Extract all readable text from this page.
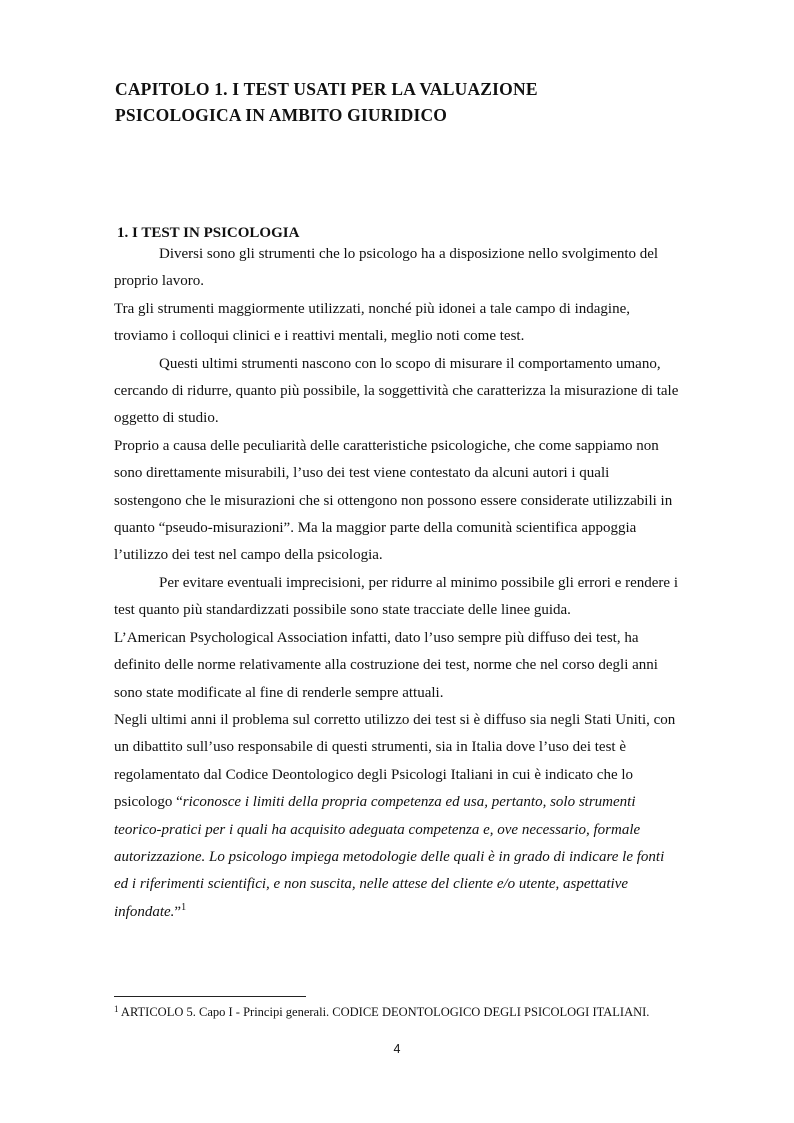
CAPITOLO 1. I TEST USATI PER LA VALUAZIONE
PSICOLOGICA IN AMBITO GIURIDICO
1. I TEST IN PSICOLOGIA

Diversi sono gli strumenti che lo psicologo ha a disposizione nello svolgimento del proprio lavoro.

Tra gli strumenti maggiormente utilizzati, nonché più idonei a tale campo di indagine, troviamo i colloqui clinici e i reattivi mentali, meglio noti come test.

Questi ultimi strumenti nascono con lo scopo di misurare il comportamento umano, cercando di ridurre, quanto più possibile, la soggettività che caratterizza la misurazione di tale oggetto di studio.

Proprio a causa delle peculiarità delle caratteristiche psicologiche, che come sappiamo non sono direttamente misurabili, l’uso dei test viene contestato da alcuni autori i quali sostengono che le misurazioni che si ottengono non possono essere considerate utilizzabili in quanto “pseudo-misurazioni”. Ma la maggior parte della comunità scientifica appoggia l’utilizzo dei test nel campo della psicologia.

Per evitare eventuali imprecisioni, per ridurre al minimo possibile gli errori e rendere i test quanto più standardizzati possibile sono state tracciate delle linee guida.

L’American Psychological Association infatti, dato l’uso sempre più diffuso dei test, ha definito delle norme relativamente alla costruzione dei test, norme che nel corso degli anni sono state modificate al fine di renderle sempre attuali.

Negli ultimi anni il problema sul corretto utilizzo dei test si è diffuso sia negli Stati Uniti, con un dibattito sull’uso responsabile di questi strumenti, sia in Italia dove l’uso dei test è regolamentato dal Codice Deontologico degli Psicologi Italiani in cui è indicato che lo psicologo “riconosce i limiti della propria competenza ed usa, pertanto, solo strumenti teorico-pratici per i quali ha acquisito adeguata competenza e, ove necessario, formale autorizzazione. Lo psicologo impiega metodologie delle quali è in grado di indicare le fonti ed i riferimenti scientifici, e non suscita, nelle attese del cliente e/o utente, aspettative infondate.”$^1$

$^1$ ARTICOLO 5. Capo I - Principi generali. CODICE DEONTOLOGICO DEGLI PSICOLOGI ITALIANI.

4
